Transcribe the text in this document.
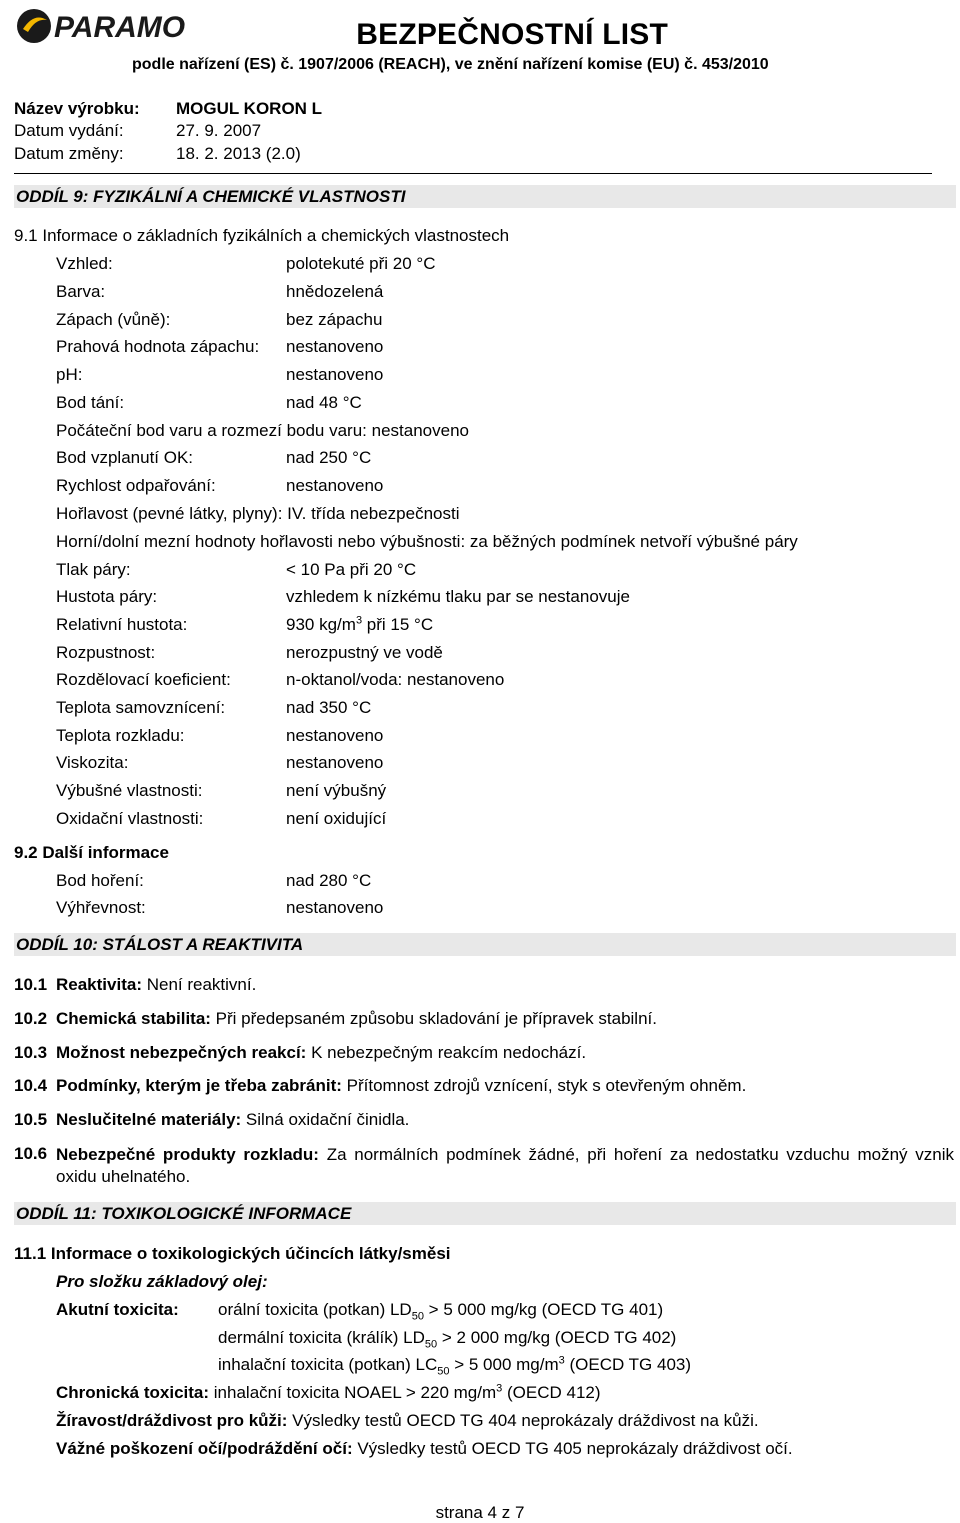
PARAMO	BEZPEČNOSTNÍ LIST
podle nařízení (ES) č. 1907/2006 (REACH), ve znění nařízení komise (EU) č. 453/2010
Název výrobku: MOGUL KORON L
Datum vydání:	27. 9. 2007
Datum změny:	18. 2. 2013 (2.0)
ODDÍL 9: FYZIKÁLNÍ A CHEMICKÉ VLASTNOSTI
9.1 Informace o základních fyzikálních a chemických vlastnostech
Vzhled:	polotekuté při 20 °C
Barva:	hnědozelená
Zápach (vůně):	bez zápachu
Prahová hodnota zápachu: nestanoveno
pH:	nestanoveno
Bod tání:	nad 48 °C
Počáteční bod varu a rozmezí bodu varu: nestanoveno
Bod vzplanutí OK:	nad 250 °C
Rychlost odpařování:	nestanoveno
Hořlavost (pevné látky, plyny): IV. třída nebezpečnosti
Horní/dolní mezní hodnoty hořlavosti nebo výbušnosti: za běžných podmínek netvoří výbušné páry
Tlak páry:	< 10 Pa při 20 °C
Hustota páry:	vzhledem k nízkému tlaku par se nestanovuje
Relativní hustota:	930 $kg/m^3$ při 15 °C
Rozpustnost:	nerozpustný ve vodě
Rozdělovací koeficient:	n-oktanol/voda: nestanoveno
Teplota samovznícení:	nad 350 °C
Teplota rozkladu:	nestanoveno
Viskozita:	nestanoveno
Výbušné vlastnosti:	není výbušný
Oxidační vlastnosti:	není oxidující
9.2 Další informace
Bod hoření:	nad 280 °C
Výhřevnost:	nestanoveno
ODDÍL 10: STÁLOST A REAKTIVITA
10.1 Reaktivita: Není reaktivní.
10.2 Chemická stabilita: Při předepsaném způsobu skladování je přípravek stabilní.
10.3 Možnost nebezpečných reakcí: K nebezpečným reakcím nedochází.
10.4 Podmínky, kterým je třeba zabránit: Přítomnost zdrojů vznícení, styk s otevřeným ohněm.
10.5 Neslučitelné materiály: Silná oxidační činidla.
10.6 Nebezpečné produkty rozkladu: Za normálních podmínek žádné, při hoření za nedostatku vzduchu možný vznik oxidu uhelnatého.
ODDÍL 11: TOXIKOLOGICKÉ INFORMACE
11.1 Informace o toxikologických účincích látky/směsi
Pro složku základový olej:
Akutní toxicita: orální toxicita (potkan) $LD_{50} > 5$ 000 mg/kg (OECD TG 401)
dermální toxicita (králík) $LD_{50} > 2$ 000 mg/kg (OECD TG 402)
inhalační toxicita (potkan) $LC_{50} > 5$ 000 $mg/m^3$ (OECD TG 403)
Chronická toxicita: inhalační toxicita NOAEL > 220 $mg/m^3$ (OECD 412)
Žíravost/dráždivost pro kůži: Výsledky testů OECD TG 404 neprokázaly dráždivost na kůži.
Vážné poškození očí/podráždění očí: Výsledky testů OECD TG 405 neprokázaly dráždivost očí.
strana 4 z 7
